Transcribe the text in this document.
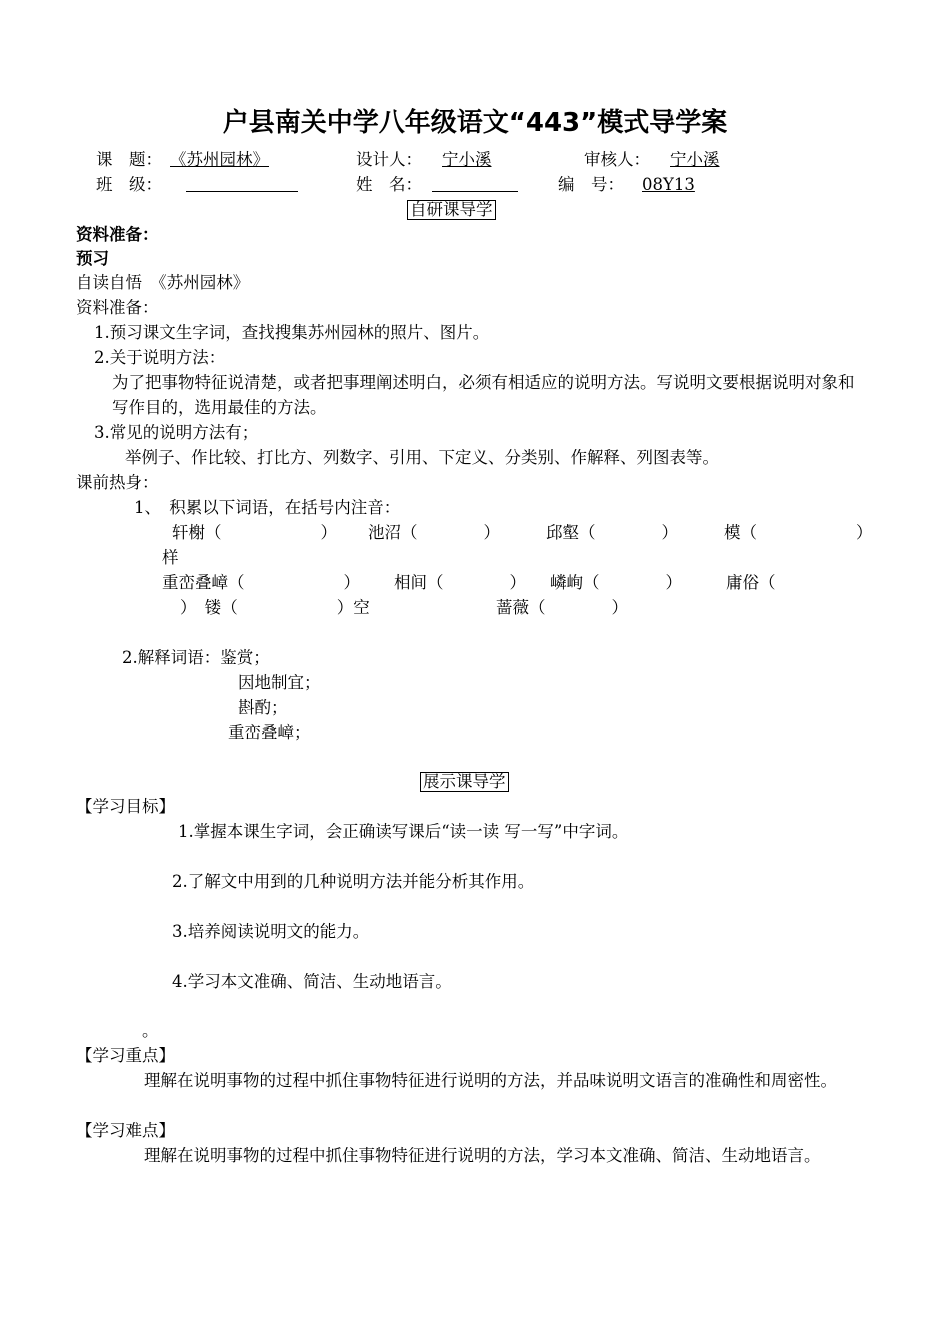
户县南关中学八年级语文“443”模式导学案
课　题： 《苏州园林》	设计人：	宁小溪	审核人：	宁小溪
班　级：	姓　名：	编　号：	08Y13
自研课导学
资料准备：
预习
自读自悟　《苏州园林》
资料准备：
1.预习课文生字词，查找搜集苏州园林的照片、图片。
2.关于说明方法：
为了把事物特征说清楚，或者把事理阐述明白，必须有相适应的说明方法。写说明文要根据说明对象和写作目的，选用最佳的方法。
3.常见的说明方法有；
举例子、作比较、打比方、列数字、引用、下定义、分类别、作解释、列图表等。
课前热身：
1、　积累以下词语，在括号内注音：
轩榭（　　　　　　） 池沼（　　　　）	邱壑（　　　　）	模（　　　　　　）
样
重峦叠嶂（　　　　　　） 相间（　　　　） 嶙峋（　　　　）	庸俗（
）　镂（　　　　　　）空	蔷薇（　　　　）
2.解释词语：鉴赏；
因地制宜；
斟酌；
重峦叠嶂；
展示课导学
【学习目标】
1.掌握本课生字词，会正确读写课后“读一读 写一写”中字词。
2.了解文中用到的几种说明方法并能分析其作用。
3.培养阅读说明文的能力。
4.学习本文准确、简洁、生动地语言。
。
【学习重点】
理解在说明事物的过程中抓住事物特征进行说明的方法，并品味说明文语言的准确性和周密性。
【学习难点】
理解在说明事物的过程中抓住事物特征进行说明的方法，学习本文准确、简洁、生动地语言。
